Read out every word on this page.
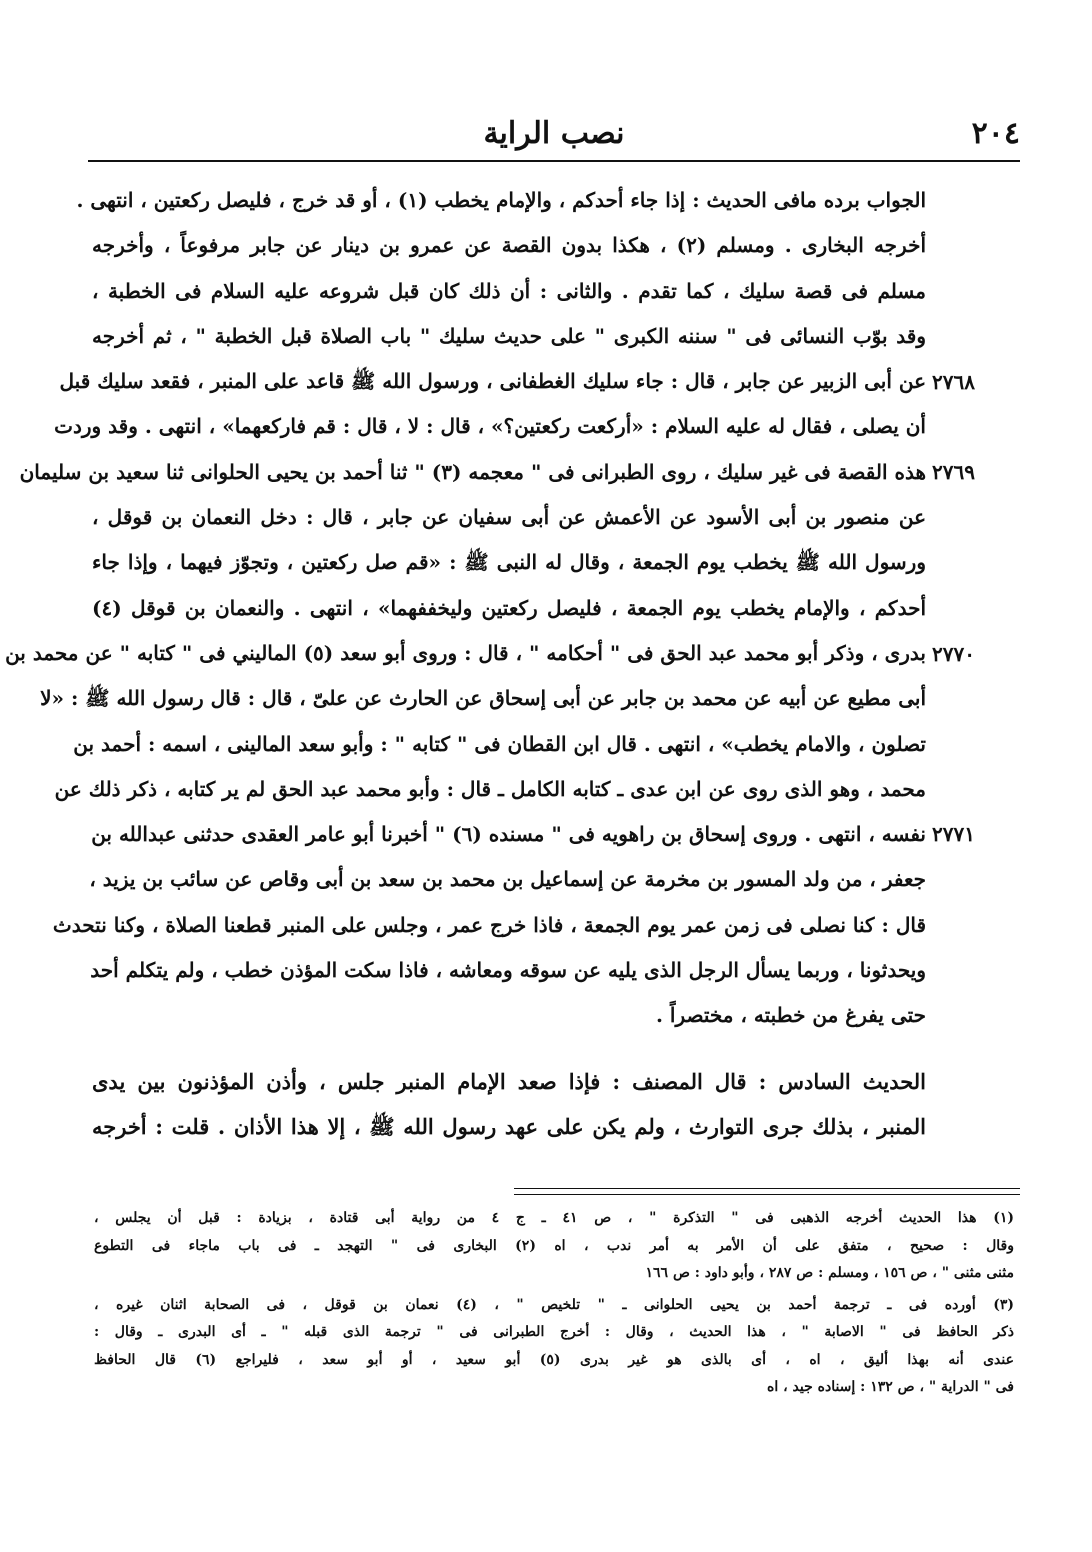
٢٠٤
نصب الراية
٢٧٦٨
٢٧٦٩
٢٧٧٠
٢٧٧١
الجواب برده مافى الحديث : إذا جاء أحدكم ، والإمام يخطب (١) ، أو قد خرج ، فليصل ركعتين ، انتهى .
أخرجه البخارى . ومسلم (٢) ، هكذا بدون القصة عن عمرو بن دينار عن جابر مرفوعاً ، وأخرجه
مسلم فى قصة سليك ، كما تقدم . والثانى : أن ذلك كان قبل شروعه عليه السلام فى الخطبة ،
وقد بوّب النسائى فى " سننه الكبرى " على حديث سليك " باب الصلاة قبل الخطبة " ، ثم أخرجه
عن أبى الزبير عن جابر ، قال : جاء سليك الغطفانى ، ورسول الله ﷺ قاعد على المنبر ، فقعد سليك قبل
أن يصلى ، فقال له عليه السلام : «أركعت ركعتين؟» ، قال : لا ، قال : قم فاركعهما» ، انتهى . وقد وردت
هذه القصة فى غير سليك ، روى الطبرانى فى " معجمه (٣) " ثنا أحمد بن يحيى الحلوانى ثنا سعيد بن سليمان
عن منصور بن أبى الأسود عن الأعمش عن أبى سفيان عن جابر ، قال : دخل النعمان بن قوقل ،
ورسول الله ﷺ يخطب يوم الجمعة ، وقال له النبى ﷺ : «قم صل ركعتين ، وتجوّز فيهما ، وإذا جاء
أحدكم ، والإمام يخطب يوم الجمعة ، فليصل ركعتين وليخففهما» ، انتهى . والنعمان بن قوقل (٤)
بدرى ، وذكر أبو محمد عبد الحق فى " أحكامه " ، قال : وروى أبو سعد (٥) الماليني فى " كتابه " عن محمد بن
أبى مطيع عن أبيه عن محمد بن جابر عن أبى إسحاق عن الحارث عن علىّ ، قال : قال رسول الله ﷺ : «لا
تصلون ، والامام يخطب» ، انتهى . قال ابن القطان فى " كتابه " : وأبو سعد المالينى ، اسمه : أحمد بن
محمد ، وهو الذى روى عن ابن عدى ـ كتابه الكامل ـ قال : وأبو محمد عبد الحق لم ير كتابه ، ذكر ذلك عن
نفسه ، انتهى . وروى إسحاق بن راهويه فى " مسنده (٦) " أخبرنا أبو عامر العقدى حدثنى عبدالله بن
جعفر ، من ولد المسور بن مخرمة عن إسماعيل بن محمد بن سعد بن أبى وقاص عن سائب بن يزيد ،
قال : كنا نصلى فى زمن عمر يوم الجمعة ، فاذا خرج عمر ، وجلس على المنبر قطعنا الصلاة ، وكنا نتحدث
ويحدثونا ، وربما يسأل الرجل الذى يليه عن سوقه ومعاشه ، فاذا سكت المؤذن خطب ، ولم يتكلم أحد
حتى يفرغ من خطبته ، مختصراً .
الحديث السادس : قال المصنف : فإذا صعد الإمام المنبر جلس ، وأذن المؤذنون بين يدى
المنبر ، بذلك جرى التوارث ، ولم يكن على عهد رسول الله ﷺ ، إلا هذا الأذان . قلت : أخرجه
(١) هذا الحديث أخرجه الذهبى فى " التذكرة " ، ص ٤١ ـ ج ٤ من رواية أبى قتادة ، بزيادة : قبل أن يجلس ،
وقال : صحيح ، متفق على أن الأمر به أمر ندب ، اه (٢) البخارى فى " التهجد ـ فى باب ماجاء فى التطوع
مثنى مثنى " ، ص ١٥٦ ، ومسلم : ص ٢٨٧ ، وأبو داود : ص ١٦٦
(٣) أورده فى ـ ترجمة أحمد بن يحيى الحلوانى ـ " تلخيص " ، (٤) نعمان بن قوقل ، فى الصحابة اثنان غيره ،
ذكر الحافظ فى " الاصابة " ، هذا الحديث ، وقال : أخرج الطبرانى فى " ترجمة الذى قبله " ـ أى البدرى ـ وقال :
عندى أنه بهذا أليق ، اه ، أى بالذى هو غير بدرى (٥) أبو سعيد ، أو أبو سعد ، فليراجع (٦) قال الحافظ
فى " الدراية " ، ص ١٣٢ : إسناده جيد ، اه
